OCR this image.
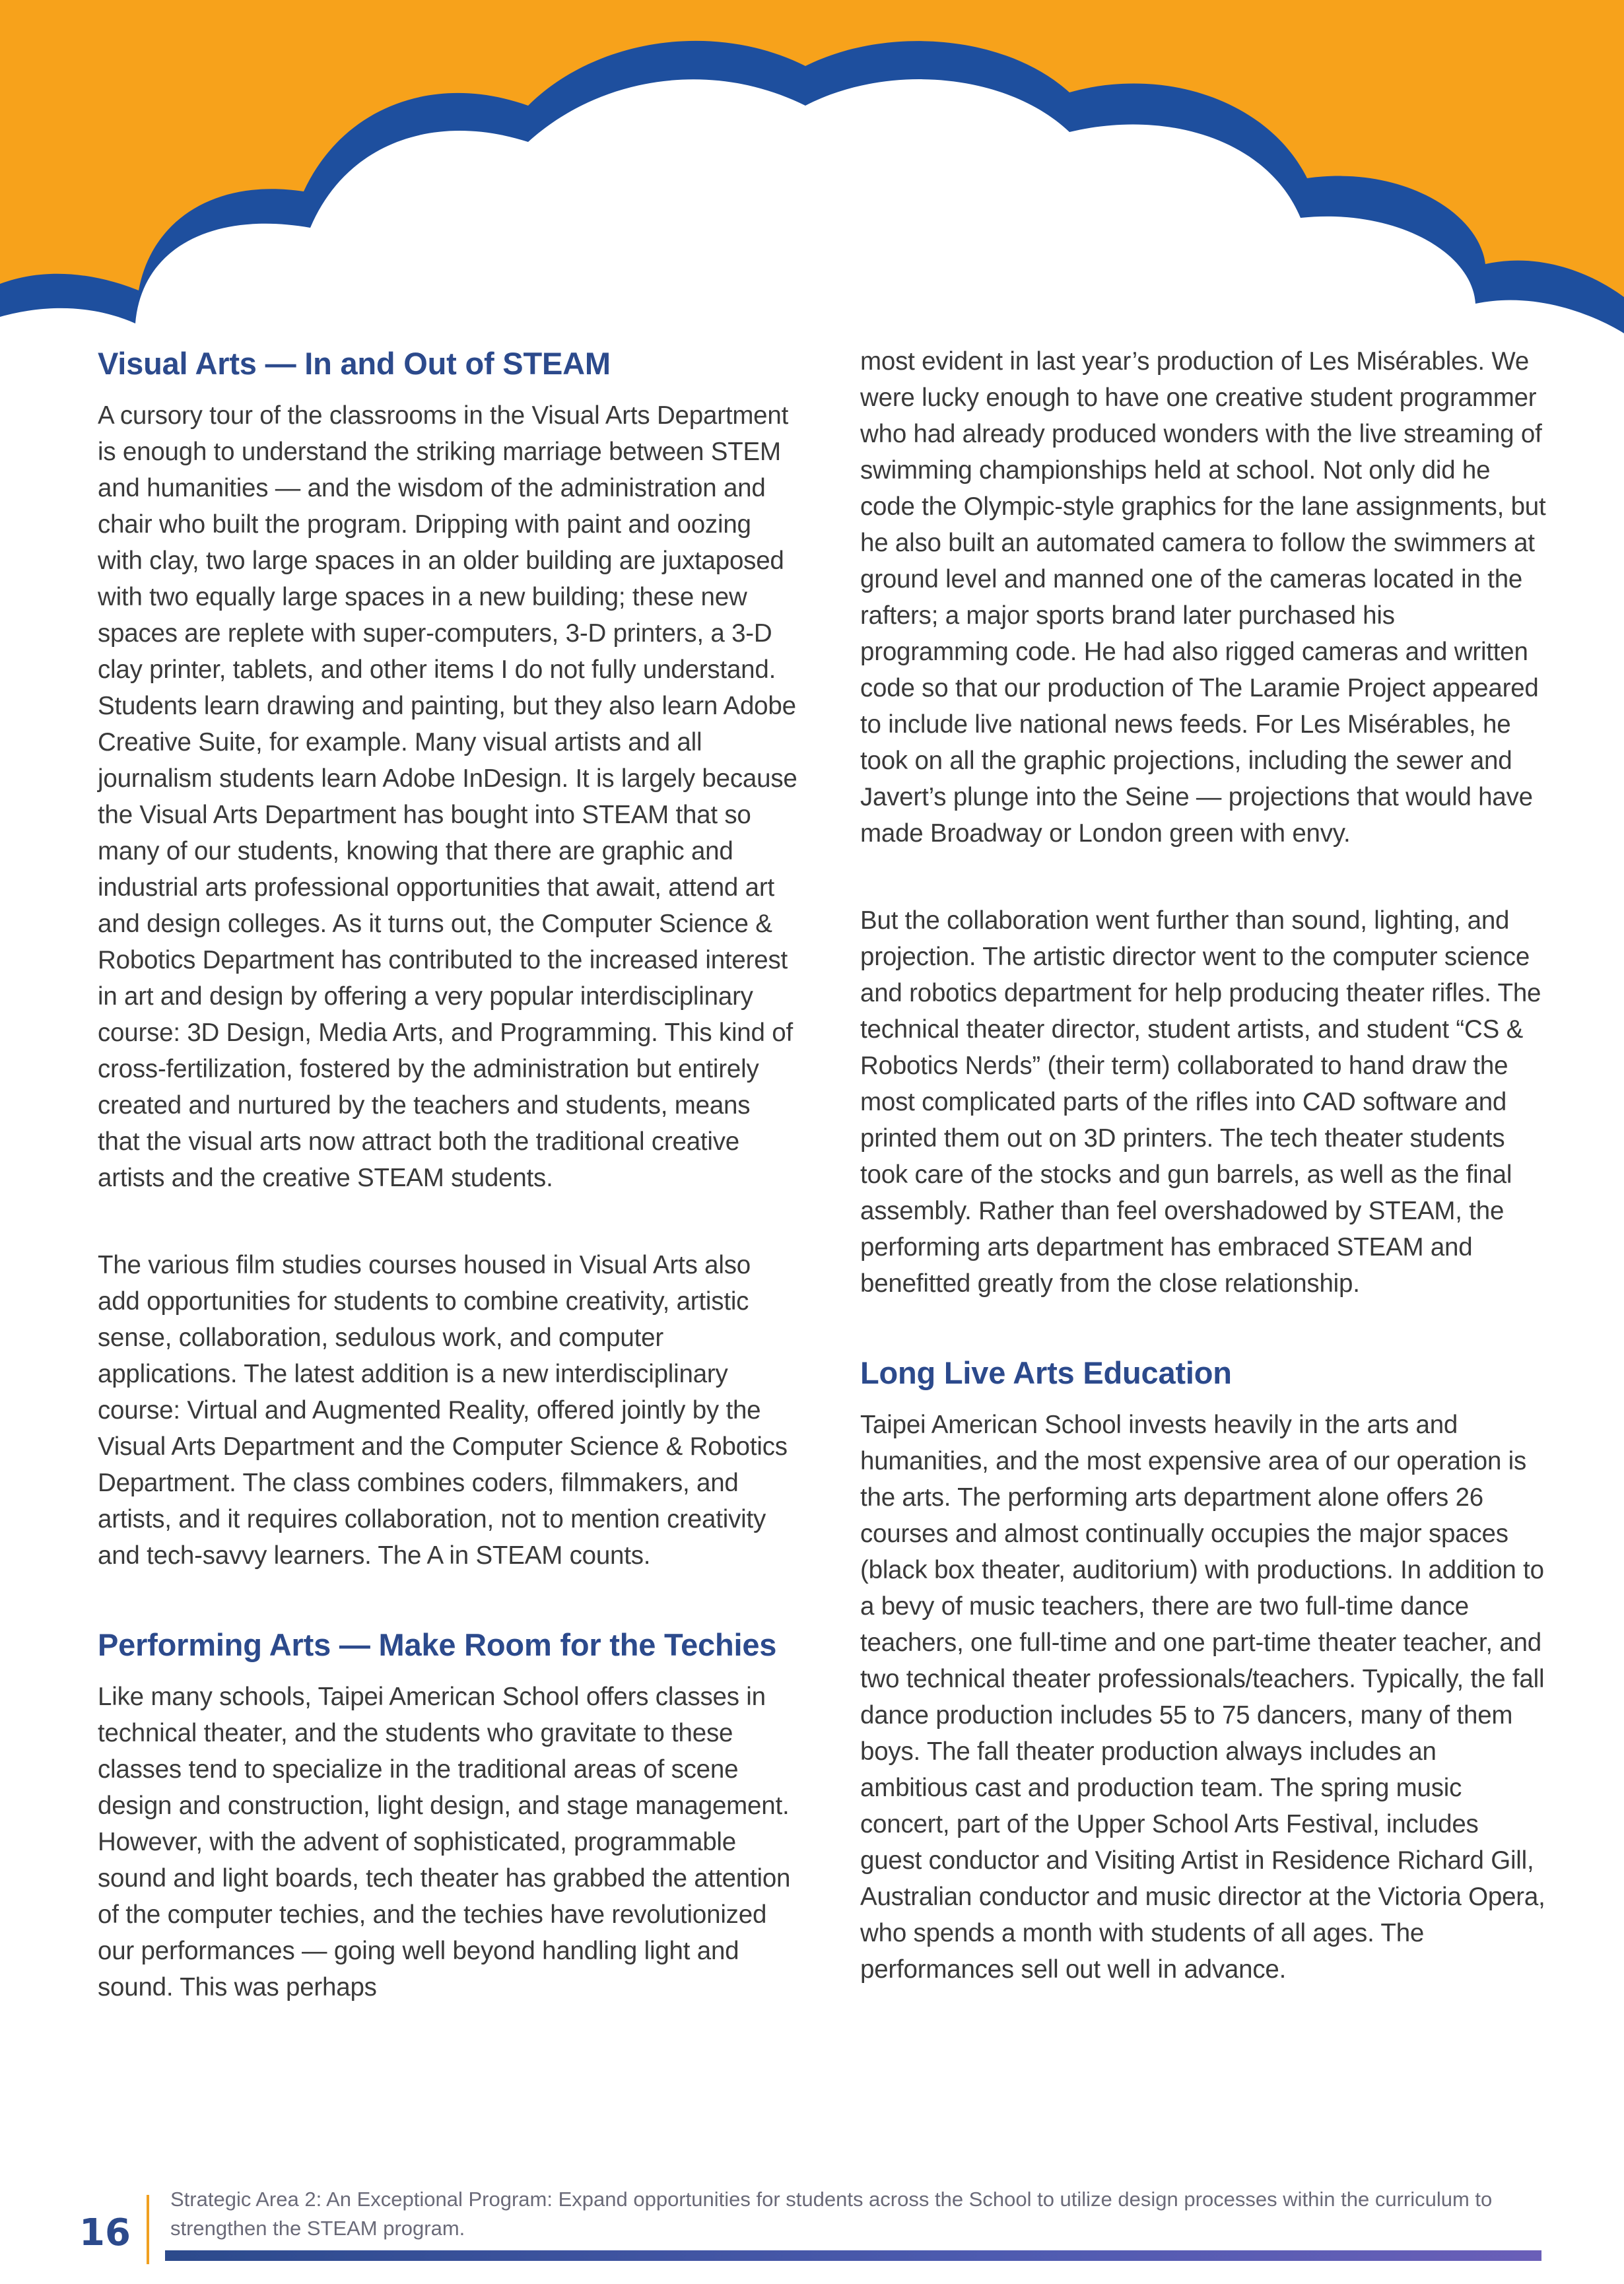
Visual Arts — In and Out of STEAM

A cursory tour of the classrooms in the Visual Arts Department is enough to understand the striking marriage between STEM and humanities — and the wisdom of the administration and chair who built the program. Dripping with paint and oozing with clay, two large spaces in an older building are juxtaposed with two equally large spaces in a new building; these new spaces are replete with super-computers, 3-D printers, a 3-D clay printer, tablets, and other items I do not fully understand. Students learn drawing and painting, but they also learn Adobe Creative Suite, for example. Many visual artists and all journalism students learn Adobe InDesign. It is largely because the Visual Arts Department has bought into STEAM that so many of our students, knowing that there are graphic and industrial arts professional opportunities that await, attend art and design colleges. As it turns out, the Computer Science & Robotics Department has contributed to the increased interest in art and design by offering a very popular interdisciplinary course: 3D Design, Media Arts, and Programming. This kind of cross-fertilization, fostered by the administration but entirely created and nurtured by the teachers and students, means that the visual arts now attract both the traditional creative artists and the creative STEAM students.

The various film studies courses housed in Visual Arts also add opportunities for students to combine creativity, artistic sense, collaboration, sedulous work, and computer applications. The latest addition is a new interdisciplinary course: Virtual and Augmented Reality, offered jointly by the Visual Arts Department and the Computer Science & Robotics Department. The class combines coders, filmmakers, and artists, and it requires collaboration, not to mention creativity and tech-savvy learners. The A in STEAM counts.

Performing Arts — Make Room for the Techies

Like many schools, Taipei American School offers classes in technical theater, and the students who gravitate to these classes tend to specialize in the traditional areas of scene design and construction, light design, and stage management. However, with the advent of sophisticated, programmable sound and light boards, tech theater has grabbed the attention of the computer techies, and the techies have revolutionized our performances — going well beyond handling light and sound. This was perhaps

most evident in last year’s production of Les Misérables. We were lucky enough to have one creative student programmer who had already produced wonders with the live streaming of swimming championships held at school. Not only did he code the Olympic-style graphics for the lane assignments, but he also built an automated camera to follow the swimmers at ground level and manned one of the cameras located in the rafters; a major sports brand later purchased his programming code. He had also rigged cameras and written code so that our production of The Laramie Project appeared to include live national news feeds. For Les Misérables, he took on all the graphic projections, including the sewer and Javert’s plunge into the Seine — projections that would have made Broadway or London green with envy.

But the collaboration went further than sound, lighting, and projection. The artistic director went to the computer science and robotics department for help producing theater rifles. The technical theater director, student artists, and student “CS & Robotics Nerds” (their term) collaborated to hand draw the most complicated parts of the rifles into CAD software and printed them out on 3D printers. The tech theater students took care of the stocks and gun barrels, as well as the final assembly. Rather than feel overshadowed by STEAM, the performing arts department has embraced STEAM and benefitted greatly from the close relationship.

Long Live Arts Education

Taipei American School invests heavily in the arts and humanities, and the most expensive area of our operation is the arts. The performing arts department alone offers 26 courses and almost continually occupies the major spaces (black box theater, auditorium) with productions. In addition to a bevy of music teachers, there are two full-time dance teachers, one full-time and one part-time theater teacher, and two technical theater professionals/teachers. Typically, the fall dance production includes 55 to 75 dancers, many of them boys. The fall theater production always includes an ambitious cast and production team. The spring music concert, part of the Upper School Arts Festival, includes guest conductor and Visiting Artist in Residence Richard Gill, Australian conductor and music director at the Victoria Opera, who spends a month with students of all ages. The performances sell out well in advance.

16
Strategic Area 2: An Exceptional Program: Expand opportunities for students across the School to utilize design processes within the curriculum to strengthen the STEAM program.
